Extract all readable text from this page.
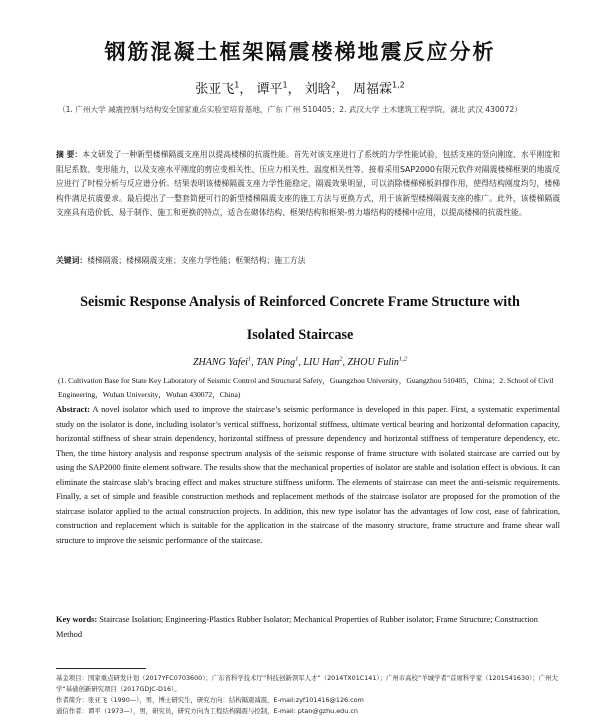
钢筋混凝土框架隔震楼梯地震反应分析
张亚飞$^1$， 谭平$^1$， 刘晗$^2$， 周福霖$^{1,2}$
（1. 广州大学 减震控制与结构安全国家重点实验室培育基地，广东 广州 510405；2. 武汉大学 土木建筑工程学院，湖北 武汉 430072）
摘 要：本文研发了一种新型楼梯隔震支座用以提高楼梯的抗震性能。首先对该支座进行了系统的力学性能试验，包括支座的竖向刚度、水平刚度和阻尼系数、变形能力，以及支座水平刚度的剪应变相关性、压应力相关性、温度相关性等，接着采用SAP2000有限元软件对隔震楼梯框架的地震反应进行了时程分析与反应谱分析。结果表明该楼梯隔震支座力学性能稳定，隔震效果明显，可以消除楼梯梯板斜撑作用，使得结构刚度均匀，楼梯构件满足抗震要求。最后提出了一整套简便可行的新型楼梯隔震支座的施工方法与更换方式，用于该新型楼梯隔震支座的推广。此外，该楼梯隔震支座具有造价低、易于制作、施工和更换的特点，适合在砌体结构、框架结构和框架-剪力墙结构的楼梯中应用，以提高楼梯的抗震性能。
关键词：楼梯隔震；楼梯隔震支座；支座力学性能；框架结构；施工方法
Seismic Response Analysis of Reinforced Concrete Frame Structure with
Isolated Staircase
ZHANG Yafei$^1$, TAN Ping$^1$, LIU Han$^2$, ZHOU Fulin$^{1,2}$
(1. Cultivation Base for State Key Laboratory of Seismic Control and Structural Safety，Guangzhou University，Guangzhou 510405，China；2. School of Civil Engineering，Wuhan University，Wuhan 430072，China)
Abstract: A novel isolator which used to improve the staircase’s seismic performance is developed in this paper. First, a systematic experimental study on the isolator is done, including isolator’s vertical stiffness, horizontal stiffness, ultimate vertical bearing and horizontal deformation capacity, horizontal stiffness of shear strain dependency, horizontal stiffness of pressure dependency and horizontal stiffness of temperature dependency, etc. Then, the time history analysis and response spectrum analysis of the seismic response of frame structure with isolated staircase are carried out by using the SAP2000 finite element software. The results show that the mechanical properties of isolator are stable and isolation effect is obvious. It can eliminate the staircase slab’s bracing effect and makes structure stiffness uniform. The elements of staircase can meet the anti-seismic requirements. Finally, a set of simple and feasible construction methods and replacement methods of the staircase isolator are proposed for the promotion of the staircase isolator applied to the actual construction projects. In addition, this new type isolator has the advantages of low cost, ease of fabrication, construction and replacement which is suitable for the application in the staircase of the masonry structure, frame structure and frame shear wall structure to improve the seismic performance of the staircase.
Key words: Staircase Isolation; Engineering-Plastics Rubber Isolator; Mechanical Properties of Rubber isolator; Frame Structure; Construction Method
基金项目：国家重点研发计划（2017YFC0703600）；广东省科学技术厅“科技创新领军人才”（2014TX01C141）；广州市高校“羊城学者”首席科学家（1201541630）；广州大学“基础创新研究项目（2017GDJC-D16）。
作者简介：张亚飞（1990—），男，博士研究生，研究方向：结构隔震减震，E-mail:zyf101416@126.com
通信作者：谭平（1973—），男，研究员，研究方向为工程结构隔震与控制，E-mail: ptan@gzhu.edu.cn
